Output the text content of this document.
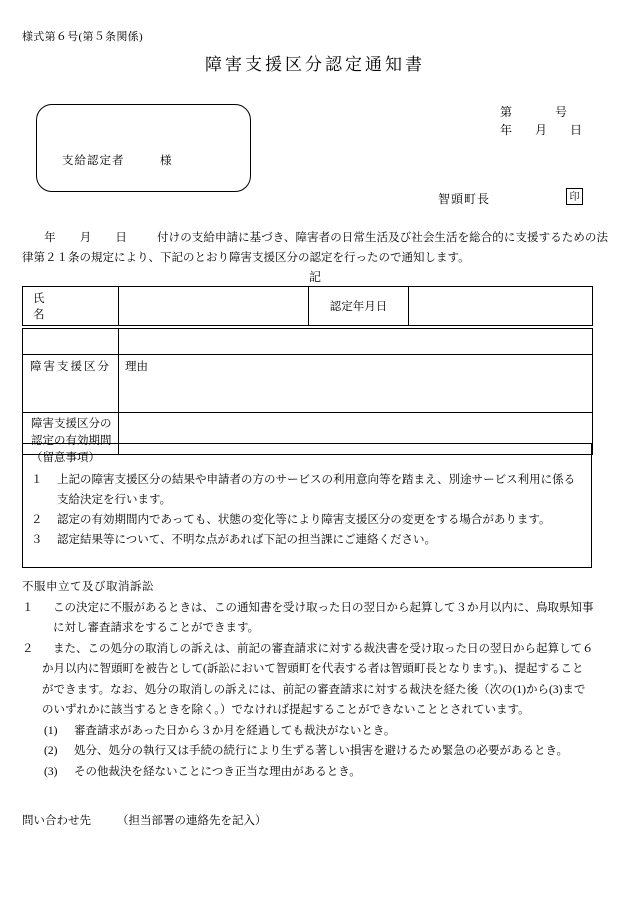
様式第６号(第５条関係)
障害支援区分認定通知書
支給認定者	様
第	号
年 月 日
智頭町長	印
年 月 日	付けの支給申請に基づき、障害者の日常生活及び社会生活を総合的に支援するための法律第２１条の規定により、下記のとおり障害支援区分の認定を行ったので通知します。
記
氏　　　　名		認定年月日	

障害支援区分	理由
障害支援区分の
認定の有効期間	
（留意事項）
１ 上記の障害支援区分の結果や申請者の方のサービスの利用意向等を踏まえ、別途サービス利用に係る
支給決定を行います。
２ 認定の有効期間内であっても、状態の変化等により障害支援区分の変更をする場合があります。
３ 認定結果等について、不明な点があれば下記の担当課にご連絡ください。
不服申立て及び取消訴訟
１ この決定に不服があるときは、この通知書を受け取った日の翌日から起算して３か月以内に、鳥取県知事
に対し審査請求をすることができます。
２ また、この処分の取消しの訴えは、前記の審査請求に対する裁決書を受け取った日の翌日から起算して６
か月以内に智頭町を被告として(訴訟において智頭町を代表する者は智頭町長となります。)、提起すること
ができます。なお、処分の取消しの訴えには、前記の審査請求に対する裁決を経た後（次の(1)から(3)まで
のいずれかに該当するときを除く。）でなければ提起することができないこととされています。
(1) 審査請求があった日から３か月を経過しても裁決がないとき。
(2) 処分、処分の執行又は手続の続行により生ずる著しい損害を避けるため緊急の必要があるとき。
(3) その他裁決を経ないことにつき正当な理由があるとき。
問い合わせ先 （担当部署の連絡先を記入）
